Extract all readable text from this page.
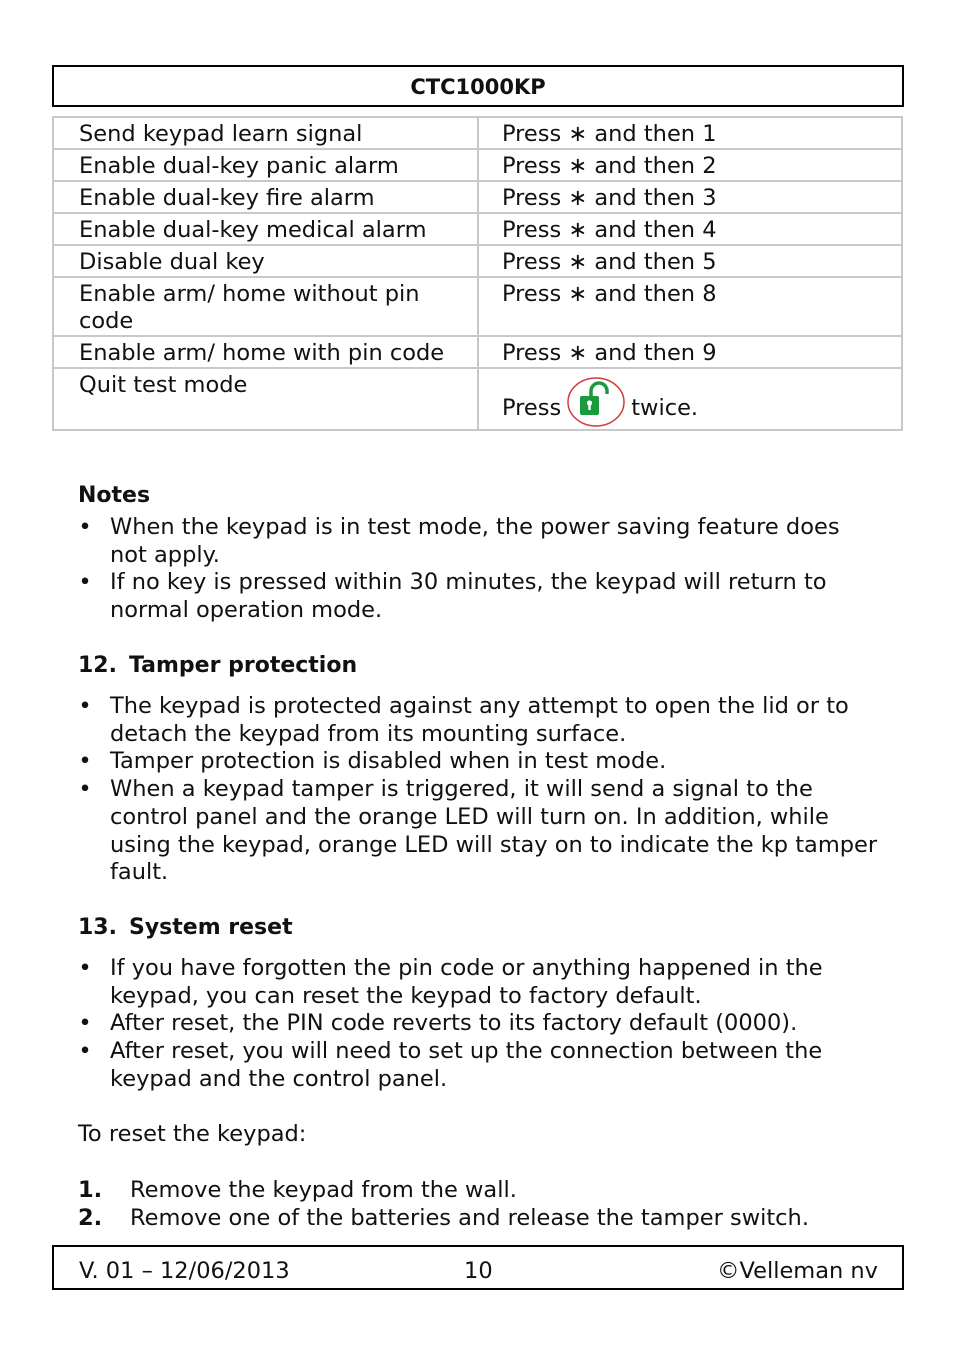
CTC1000KP
Send keypad learn signal	Press ∗ and then 1
Enable dual-key panic alarm	Press ∗ and then 2
Enable dual-key fire alarm	Press ∗ and then 3
Enable dual-key medical alarm	Press ∗ and then 4
Disable dual key	Press ∗ and then 5
Enable arm/ home without pin code	Press ∗ and then 8
Enable arm/ home with pin code	Press ∗ and then 9
Quit test mode	Press twice.
Notes
• When the keypad is in test mode, the power saving feature does not apply.
• If no key is pressed within 30 minutes, the keypad will return to normal operation mode.
12. Tamper protection
• The keypad is protected against any attempt to open the lid or to detach the keypad from its mounting surface.
• Tamper protection is disabled when in test mode.
• When a keypad tamper is triggered, it will send a signal to the control panel and the orange LED will turn on. In addition, while using the keypad, orange LED will stay on to indicate the kp tamper fault.
13. System reset
• If you have forgotten the pin code or anything happened in the keypad, you can reset the keypad to factory default.
• After reset, the PIN code reverts to its factory default (0000).
• After reset, you will need to set up the connection between the keypad and the control panel.
To reset the keypad:
1. Remove the keypad from the wall.
2. Remove one of the batteries and release the tamper switch.
V. 01 – 12/06/2013	10	©Velleman nv
